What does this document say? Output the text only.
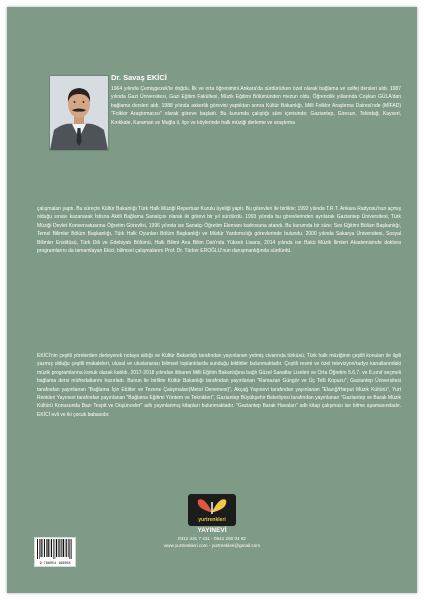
Dr. Savaş EKİCİ

1964 yılında Çemişgezek'te doğdu. İlk ve orta öğrenimini Ankara'da sürdürürken özel olarak bağlama ve solfej dersleri aldı. 1987 yılında Gazi Üniversitesi, Gazi Eğitim Fakültesi, Müzik Eğitimi Bölümünden mezun oldu. Öğrencilik yıllarında Coşkun GÜLA'dan bağlama dersleri aldı. 1988 yılında askerlik görevini yaptıktan sonra Kültür Bakanlığı, Milli Folklor Araştırma Dairesi'nde (MİFAD) "Folklor Araştırmacısı" olarak göreve başladı. Bu kurumda çalıştığı süre içerisinde; Gaziantep, Giresun, Tekirdağ, Kayseri, Kırıkkale, Karaman ve Muğla il, ilçe ve köylerinde halk müziği derleme ve araştırma

çalışmaları yaptı. Bu süreçte Kültür Bakanlığı Türk Halk Müziği Repertuar Kurulu üyeliği yaptı. Bu görevleri ile birlikte; 1992 yılında T.R.T. Ankara Radyosu'nun açmış olduğu sınavı kazanarak İstisna Akitli Bağlama Sanatçısı olarak iki görevi bir yıl sürdürdü. 1993 yılında bu görevlerinden ayrılarak Gaziantep Üniversitesi, Türk Müziği Devlet Konservatuarına Öğretim Görevlisi, 1996 yılında ise Sanatçı Öğretim Elemanı kadrosuna atandı. Bu kurumda bir süre; Ses Eğitimi Bölüm Başkanlığı, Temel Bilimler Bölüm Başkanlığı, Türk Halk Oyunları Bölüm Başkanlığı ve Müdür Yardımcılığı görevlerinde bulundu. 2000 yılında Sakarya Üniversitesi, Sosyal Bilimler Enstitüsü, Türk Dili ve Edebiyatı Bölümü, Halk Bilimi Ana Bilim Dalı'nda Yüksek Lisans, 2014 yılında ise Bakü Müzik İlimleri Akademisinde doktora programlarını da tamamlayan Ekici; bilimsel çalışmalarını Prof. Dr. Türker EROĞLU'nun danışmanlığında sürdürdü.

EKİCİ'nin çeşitli yörelerden derleyerek notaya aldığı ve Kültür Bakanlığı tarafından yayınlanan yetmiş civarında türküsü, Türk halk müziğinin çeşitli konuları ile ilgili yazmış olduğu çeşitli makaleleri, ulusal ve uluslararası bilimsel toplantılarda sunduğu bildiriler bulunmaktadır. Çeşitli resmi ve özel televizyon/radyo kanallarındaki müzik programlarına konuk olarak katıldı. 2017-2018 yılından itibaren Milli Eğitim Bakanlığına bağlı Güzel Sanatlar Liseleri ve Orta Öğretim 5.6.7. ve 8.sınıf seçmeli bağlama dersi müfredatlarını hazırladı. Bunun ile birlikte Kültür Bakanlığı tarafından yayınlanan "Ramazan Güngör ve Üç Telli Kopuzu", Gaziantep Üniversitesi tarafından yayınlanan "Bağlama İçin Etütler ve Tezene Çalışmaları(Metot Denemesi)", Akçağ Yayınevi tarafından yayınlanan "Elazığ/Harput Müzik Kültürü", Yurt Renkleri Yayınevi tarafından yayınlanan "Bağlama Eğitimi Yöntem ve Teknikleri", Gaziantep Büyükşehir Belediyesi tarafından yayınlanan "Gaziantep ve Barak Müzik Kültürü Konusunda Bazı Tespit ve Düşünceler" adlı yayınlanmış kitapları bulunmaktadır. "Gaziantep Barak Havaları" adlı kitap çalışması ise bitme aşamasındadır. EKİCİ evli ve iki çocuk babasıdır.

yurtrenkleri

YAYINEVİ

0312 431 7 431 - 0541 250 04 82

www.yurtrenkleri.com - yurtrenkleri@gmail.com

9 786054 196058
